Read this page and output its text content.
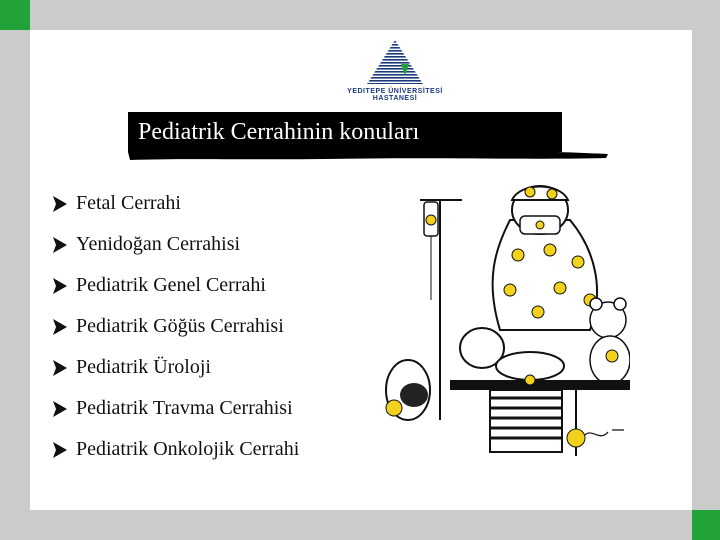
YEDITEPE ÜNİVERSİTESİ
HASTANESİ
Pediatrik Cerrahinin konuları
Fetal Cerrahi
Yenidoğan Cerrahisi
Pediatrik Genel Cerrahi
Pediatrik Göğüs Cerrahisi
Pediatrik Üroloji
Pediatrik Travma Cerrahisi
Pediatrik Onkolojik Cerrahi
